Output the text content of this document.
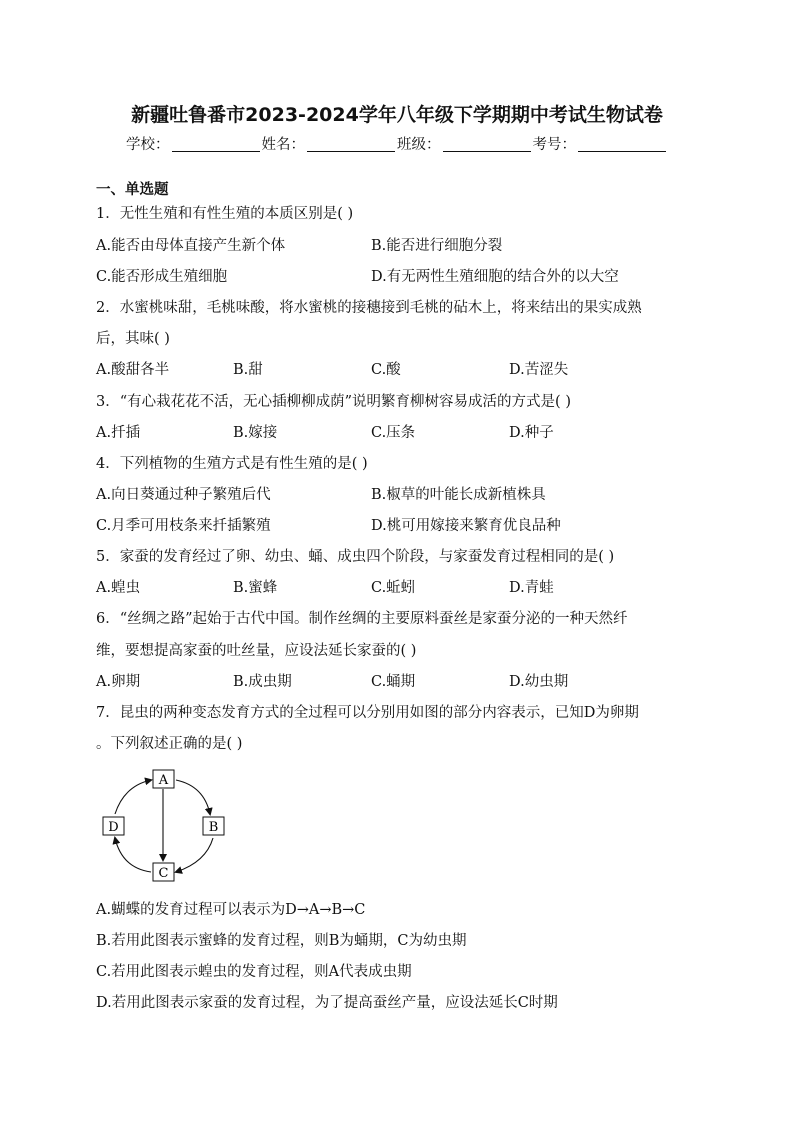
新疆吐鲁番市2023-2024学年八年级下学期期中考试生物试卷
学校：	姓名：	班级：	考号：
一、单选题
1．无性生殖和有性生殖的本质区别是( )
A.能否由母体直接产生新个体	B.能否进行细胞分裂
C.能否形成生殖细胞	D.有无两性生殖细胞的结合外的以大空
2．水蜜桃味甜，毛桃味酸，将水蜜桃的接穗接到毛桃的砧木上，将来结出的果实成熟
后，其味( )
A.酸甜各半	B.甜	C.酸	D.苦涩失
3．“有心栽花花不活，无心插柳柳成荫”说明繁育柳树容易成活的方式是( )
A.扦插	B.嫁接	C.压条	D.种子
4．下列植物的生殖方式是有性生殖的是( )
A.向日葵通过种子繁殖后代	B.椒草的叶能长成新植株具
C.月季可用枝条来扦插繁殖	D.桃可用嫁接来繁育优良品种
5．家蚕的发育经过了卵、幼虫、蛹、成虫四个阶段，与家蚕发育过程相同的是( )
A.蝗虫	B.蜜蜂	C.蚯蚓	D.青蛙
6．“丝绸之路”起始于古代中国。制作丝绸的主要原料蚕丝是家蚕分泌的一种天然纤
维，要想提高家蚕的吐丝量，应设法延长家蚕的( )
A.卵期	B.成虫期	C.蛹期	D.幼虫期
7．昆虫的两种变态发育方式的全过程可以分别用如图的部分内容表示，已知D为卵期
。下列叙述正确的是( )
A
B
C
D
A.蝴蝶的发育过程可以表示为D→A→B→C
B.若用此图表示蜜蜂的发育过程，则B为蛹期，C为幼虫期
C.若用此图表示蝗虫的发育过程，则A代表成虫期
D.若用此图表示家蚕的发育过程，为了提高蚕丝产量，应设法延长C时期
